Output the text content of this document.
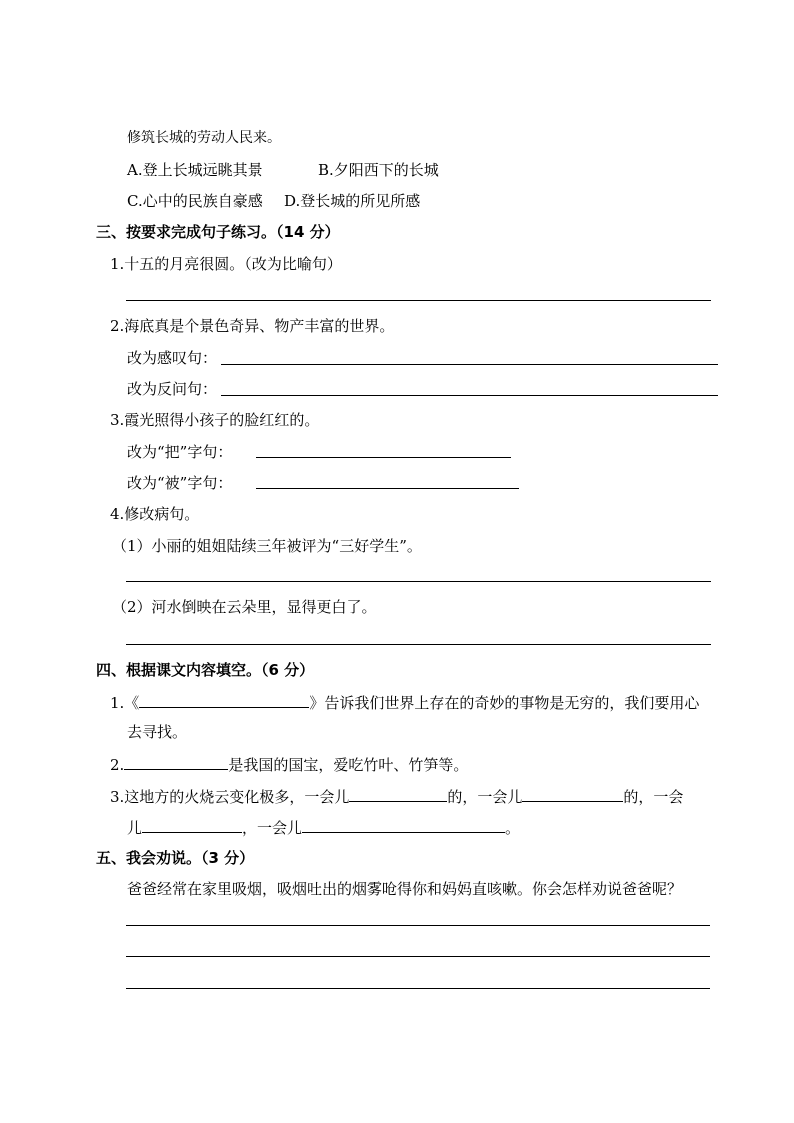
修筑长城的劳动人民来。
A.登上长城远眺其景	B.夕阳西下的长城
C.心中的民族自豪感 D.登长城的所见所感
三、按要求完成句子练习。（14 分）
1.十五的月亮很圆。（改为比喻句）
2.海底真是个景色奇异、物产丰富的世界。
改为感叹句：
改为反问句：
3.霞光照得小孩子的脸红红的。
改为“把”字句：
改为“被”字句：
4.修改病句。
（1）小丽的姐姐陆续三年被评为“三好学生”。
（2）河水倒映在云朵里，显得更白了。
四、根据课文内容填空。（6 分）
1.《	》告诉我们世界上存在的奇妙的事物是无穷的，我们要用心
去寻找。
2.	是我国的国宝，爱吃竹叶、竹笋等。
3.这地方的火烧云变化极多，一会儿	的，一会儿	的，一会
儿	，一会儿	。
五、我会劝说。（3 分）
爸爸经常在家里吸烟，吸烟吐出的烟雾呛得你和妈妈直咳嗽。你会怎样劝说爸爸呢？
